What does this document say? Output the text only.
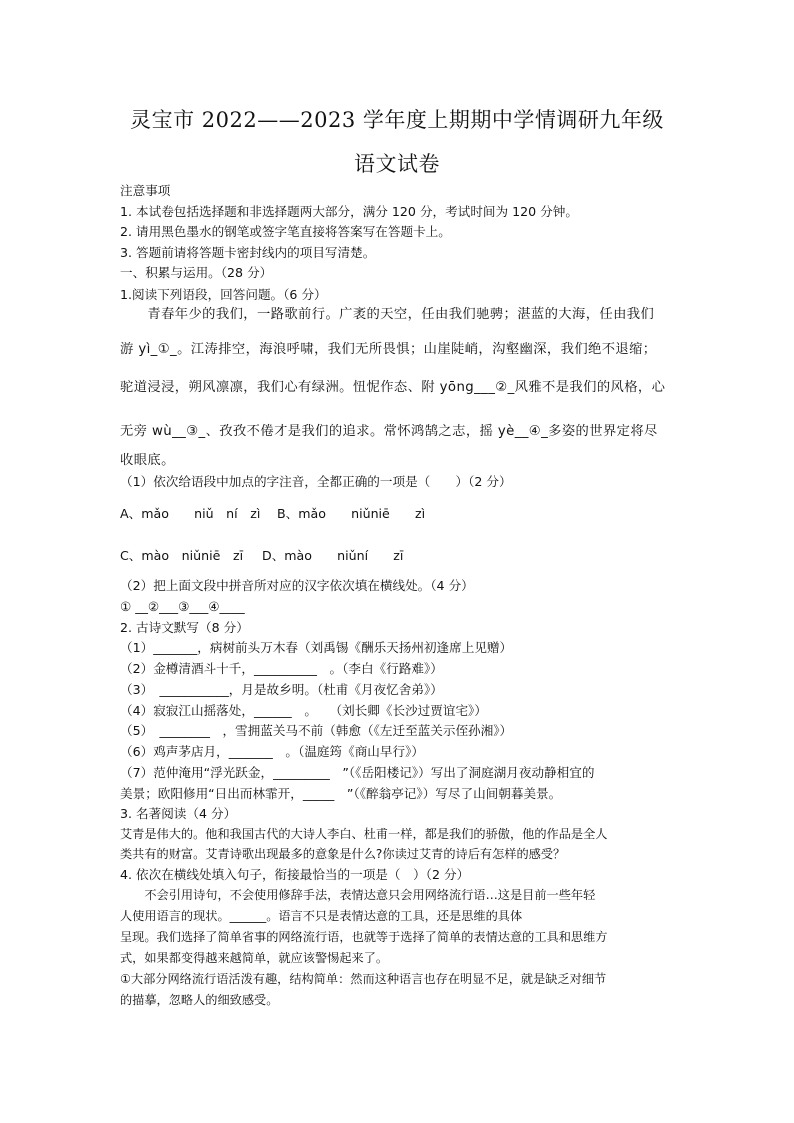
灵宝市 2022——2023 学年度上期期中学情调研九年级
语文试卷
注意事项
1. 本试卷包括选择题和非选择题两大部分，满分 120 分，考试时间为 120 分钟。
2. 请用黑色墨水的钢笔或签字笔直接将答案写在答题卡上。
3. 答题前请将答题卡密封线内的项目写清楚。
一、积累与运用。（28 分）
1.阅读下列语段，回答问题。（6 分）
　　青春年少的我们，一路歌前行。广袤的天空，任由我们驰骋；湛蓝的大海，任由我们
游 yì_①_。江涛排空，海浪呼啸，我们无所畏惧；山崖陡峭，沟壑幽深，我们绝不退缩；
驼道浸浸，朔风凛凛，我们心有绿洲。忸怩作态、附 yōng___②_风雅不是我们的风格，心
无旁 wù__③_、孜孜不倦才是我们的追求。常怀鸿鹄之志，摇 yè__④_多姿的世界定将尽
收眼底。
（1）依次给语段中加点的字注音，全都正确的一项是（　　）（2 分）
A、mǎo　　niǔ　ní　zì B、mǎo　　niǔniē　　zì
C、mào　niǔniē　zī D、mào　　niǔní　　zī
（2）把上面文段中拼音所对应的汉字依次填在横线处。（4 分）
① __②___③___④____
2. 古诗文默写（8 分）
（1）_______，病树前头万木春（刘禹锡《酬乐天扬州初逢席上见赠）
（2）金樽清酒斗十千，__________　。（李白《行路难》）
（3）　___________，月是故乡明。（杜甫《月夜忆舍弟》）
（4）寂寂江山摇落处，______　。　　（刘长卿《长沙过贾谊宅》）
（5）　________　，雪拥蓝关马不前（韩愈（《左迁至蓝关示侄孙湘》）
（6）鸡声茅店月，_______　。（温庭筠《商山早行》）
（7）范仲淹用“浮光跃金，_________　”（《岳阳楼记》）写出了洞庭湖月夜动静相宜的
美景；欧阳修用“日出而林霏开，_____　”（《醉翁亭记》）写尽了山间朝暮美景。
3. 名著阅读（4 分）
艾青是伟大的。他和我国古代的大诗人李白、杜甫一样，都是我们的骄傲，他的作品是全人
类共有的财富。艾青诗歌出现最多的意象是什么?你读过艾青的诗后有怎样的感受？
4. 依次在横线处填入句子，衔接最恰当的一项是（　）（2 分）
　　不会引用诗句，不会使用修辞手法，表情达意只会用网络流行语…这是目前一些年轻
人使用语言的现状。______。语言不只是表情达意的工具，还是思维的具体
呈现。我们选择了简单省事的网络流行语，也就等于选择了简单的表情达意的工具和思维方
式，如果都变得越来越简单，就应该警惕起来了。
①大部分网络流行语活泼有趣，结构简单：然而这种语言也存在明显不足，就是缺乏对细节
的描摹，忽略人的细致感受。
